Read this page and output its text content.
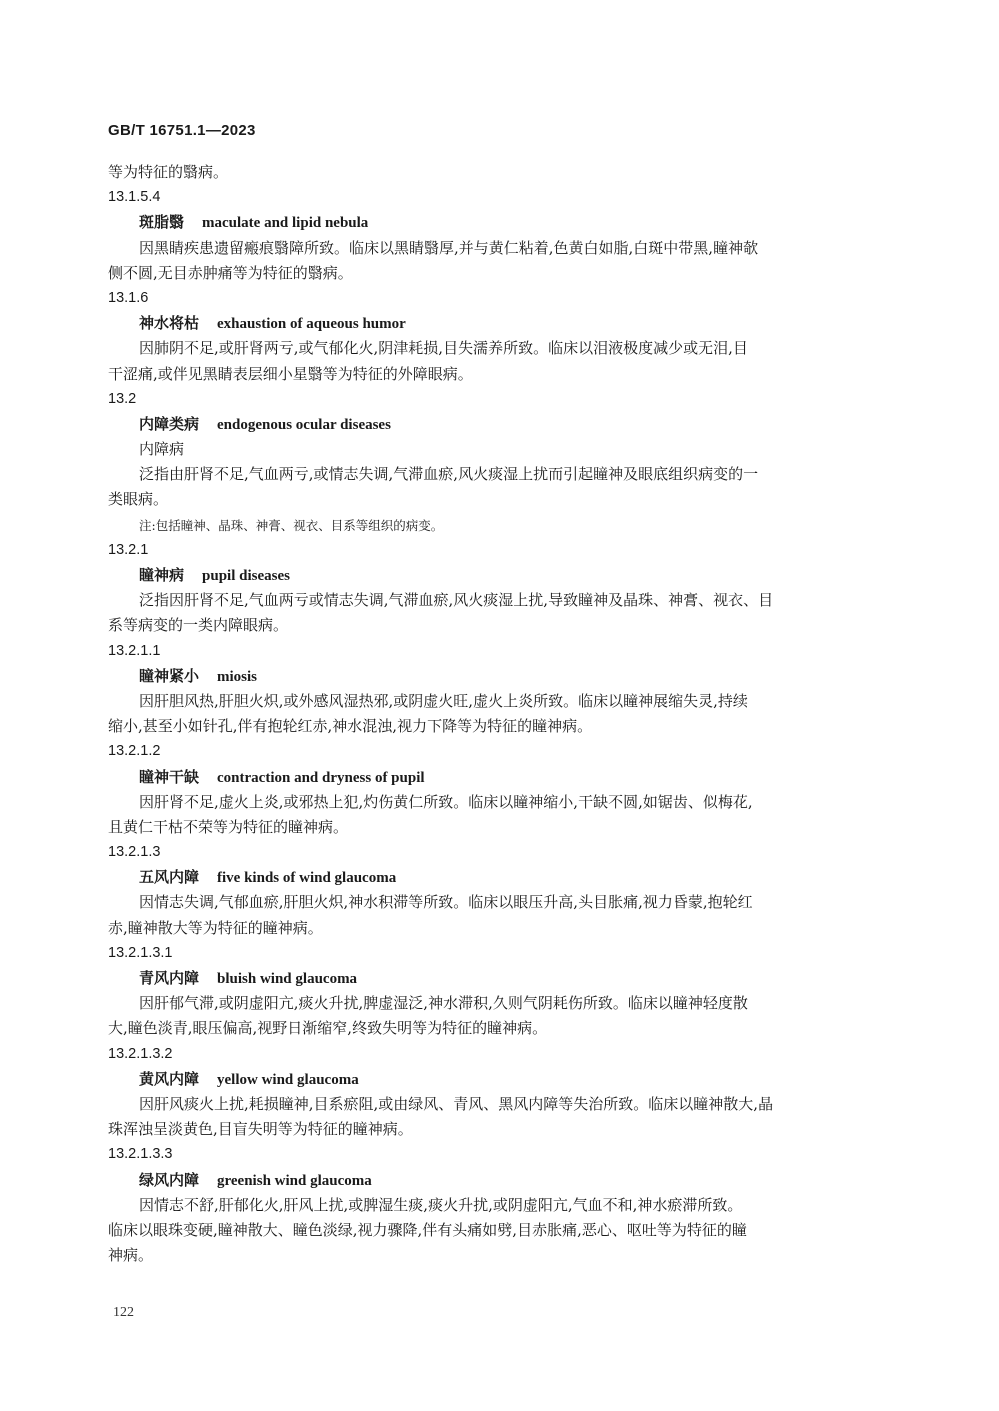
GB/T 16751.1—2023
等为特征的翳病。
13.1.5.4
斑脂翳 maculate and lipid nebula
因黑睛疾患遗留瘢痕翳障所致。临床以黑睛翳厚,并与黄仁粘着,色黄白如脂,白斑中带黑,瞳神欹
侧不圆,无目赤肿痛等为特征的翳病。
13.1.6
神水将枯 exhaustion of aqueous humor
因肺阴不足,或肝肾两亏,或气郁化火,阴津耗损,目失濡养所致。临床以泪液极度减少或无泪,目
干涩痛,或伴见黑睛表层细小星翳等为特征的外障眼病。
13.2
内障类病 endogenous ocular diseases
内障病
泛指由肝肾不足,气血两亏,或情志失调,气滞血瘀,风火痰湿上扰而引起瞳神及眼底组织病变的一
类眼病。
注:包括瞳神、晶珠、神膏、视衣、目系等组织的病变。
13.2.1
瞳神病 pupil diseases
泛指因肝肾不足,气血两亏或情志失调,气滞血瘀,风火痰湿上扰,导致瞳神及晶珠、神膏、视衣、目
系等病变的一类内障眼病。
13.2.1.1
瞳神紧小 miosis
因肝胆风热,肝胆火炽,或外感风湿热邪,或阴虚火旺,虚火上炎所致。临床以瞳神展缩失灵,持续
缩小,甚至小如针孔,伴有抱轮红赤,神水混浊,视力下降等为特征的瞳神病。
13.2.1.2
瞳神干缺 contraction and dryness of pupil
因肝肾不足,虚火上炎,或邪热上犯,灼伤黄仁所致。临床以瞳神缩小,干缺不圆,如锯齿、似梅花,
且黄仁干枯不荣等为特征的瞳神病。
13.2.1.3
五风内障 five kinds of wind glaucoma
因情志失调,气郁血瘀,肝胆火炽,神水积滞等所致。临床以眼压升高,头目胀痛,视力昏蒙,抱轮红
赤,瞳神散大等为特征的瞳神病。
13.2.1.3.1
青风内障 bluish wind glaucoma
因肝郁气滞,或阴虚阳亢,痰火升扰,脾虚湿泛,神水滞积,久则气阴耗伤所致。临床以瞳神轻度散
大,瞳色淡青,眼压偏高,视野日渐缩窄,终致失明等为特征的瞳神病。
13.2.1.3.2
黄风内障 yellow wind glaucoma
因肝风痰火上扰,耗损瞳神,目系瘀阻,或由绿风、青风、黑风内障等失治所致。临床以瞳神散大,晶
珠浑浊呈淡黄色,目盲失明等为特征的瞳神病。
13.2.1.3.3
绿风内障 greenish wind glaucoma
因情志不舒,肝郁化火,肝风上扰,或脾湿生痰,痰火升扰,或阴虚阳亢,气血不和,神水瘀滞所致。
临床以眼珠变硬,瞳神散大、瞳色淡绿,视力骤降,伴有头痛如劈,目赤胀痛,恶心、呕吐等为特征的瞳
神病。
122
